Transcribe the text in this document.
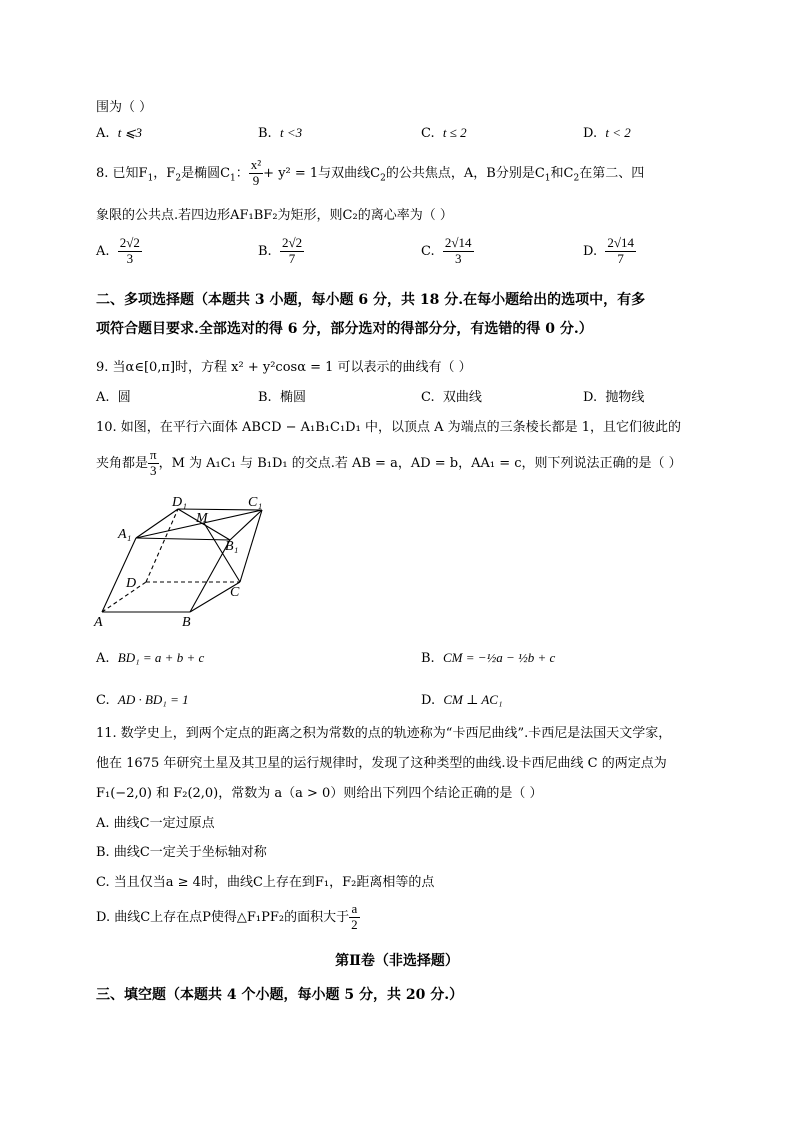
围为（ ）
A. t ⩽3	B. t <3	C. t ≤ 2	D. t < 2
8. 已知$F_1$，$F_2$是椭圆$C_1$： $\frac{\text{x²}}{9} + y^2 = 1$与双曲线$C_2$的公共焦点，A，B分别是$C_1$和$C_2$在第二、四
象限的公共点.若四边形AF₁BF₂为矩形，则C₂的离心率为（ ）
A. $\frac{2√2}{3}$	B. $\frac{2√2}{7}$	C. $\frac{2√14}{3}$	D. $\frac{2√14}{7}$
二、多项选择题（本题共 3 小题，每小题 6 分，共 18 分.在每小题给出的选项中，有多
项符合题目要求.全部选对的得 6 分，部分选对的得部分分，有选错的得 0 分.）
9. 当α∈[0,π]时，方程 x² + y²cosα = 1 可以表示的曲线有（ ）
A. 圆	B. 椭圆	C. 双曲线	D. 抛物线
10. 如图，在平行六面体 ABCD − A₁B₁C₁D₁ 中，以顶点 A 为端点的三条棱长都是 1，且它们彼此的
夹角都是 $\frac{\pi}{3}$ ，M 为 A₁C₁ 与 B₁D₁ 的交点.若 AB = a，AD = b，AA₁ = c，则下列说法正确的是（ ）
D₁	C₁
M
A₁
B₁
D
C
A	B
A. BD₁ = a + b + c	B. CM = −½a − ½b + c
C. AD · BD₁ = 1	D. CM ⊥ AC₁
11. 数学史上，到两个定点的距离之积为常数的点的轨迹称为“卡西尼曲线”.卡西尼是法国天文学家，
他在 1675 年研究土星及其卫星的运行规律时，发现了这种类型的曲线.设卡西尼曲线 C 的两定点为
F₁(−2,0) 和 F₂(2,0)，常数为 a（a > 0）则给出下列四个结论正确的是（ ）
A. 曲线C一定过原点
B. 曲线C一定关于坐标轴对称
C. 当且仅当a ≥ 4时，曲线C上存在到F₁，F₂距离相等的点
D. 曲线C上存在点P使得△F₁PF₂的面积大于 $\frac{a}{2}$
第Ⅱ卷（非选择题）
三、填空题（本题共 4 个小题，每小题 5 分，共 20 分.）
